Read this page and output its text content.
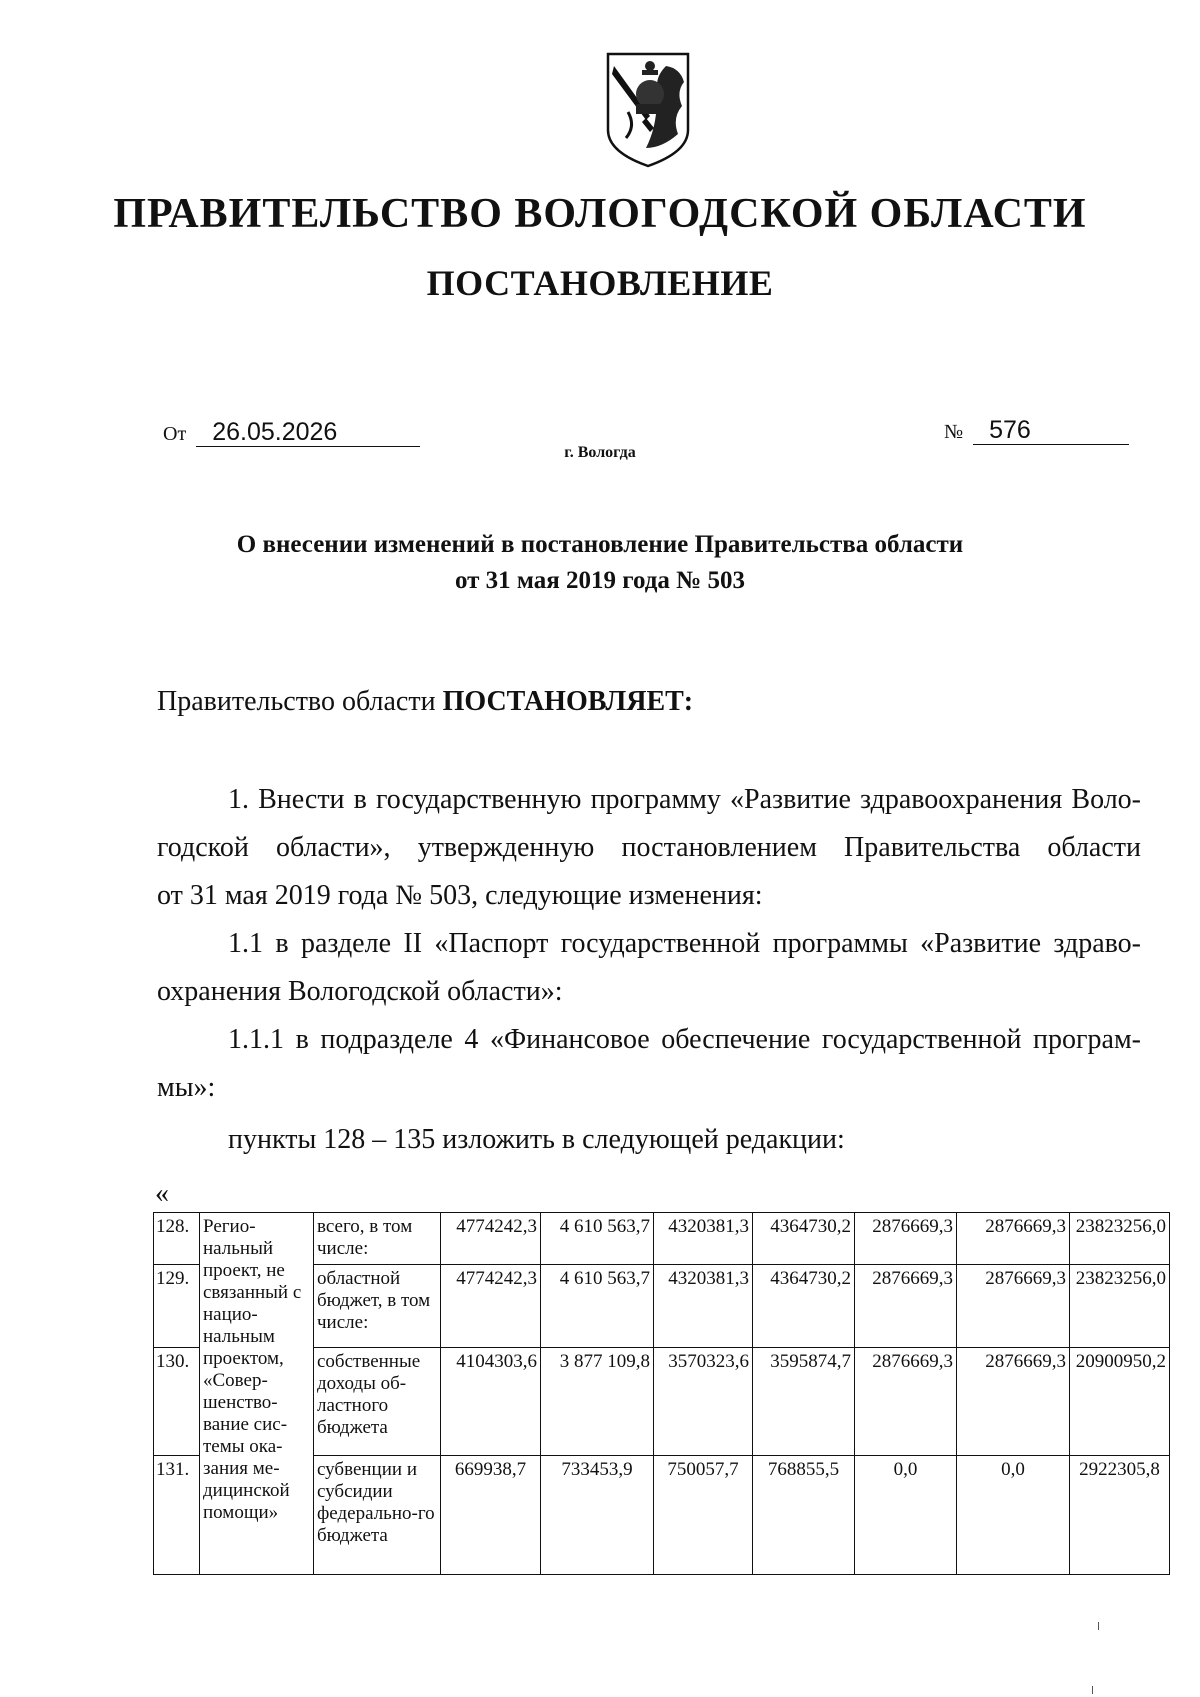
ПРАВИТЕЛЬСТВО ВОЛОГОДСКОЙ ОБЛАСТИ
ПОСТАНОВЛЕНИЕ
От 26.05.2026	№ 576
г. Вологда
О внесении изменений в постановление Правительства области
от 31 мая 2019 года № 503
Правительство области ПОСТАНОВЛЯЕТ:
1. Внести в государственную программу «Развитие здравоохранения Воло-
годской области», утвержденную постановлением Правительства области
от 31 мая 2019 года № 503, следующие изменения:
1.1 в разделе II «Паспорт государственной программы «Развитие здраво-
охранения Вологодской области»:
1.1.1 в подразделе 4 «Финансовое обеспечение государственной програм-
мы»:
пункты 128 – 135 изложить в следующей редакции:
«
128.	Регио-нальный проект, не связанный с нацио-нальным проектом, «Совер-шенство-вание сис-темы ока-зания ме-дицинской помощи»	всего, в том числе:	4774242,3	4 610 563,7	4320381,3	4364730,2	2876669,3	2876669,3	23823256,0
129.		областной бюджет, в том числе:	4774242,3	4 610 563,7	4320381,3	4364730,2	2876669,3	2876669,3	23823256,0
130.		собственные доходы об-ластного бюджета	4104303,6	3 877 109,8	3570323,6	3595874,7	2876669,3	2876669,3	20900950,2
131.		субвенции и субсидии федерально-го бюджета	669938,7	733453,9	750057,7	768855,5	0,0	0,0	2922305,8
